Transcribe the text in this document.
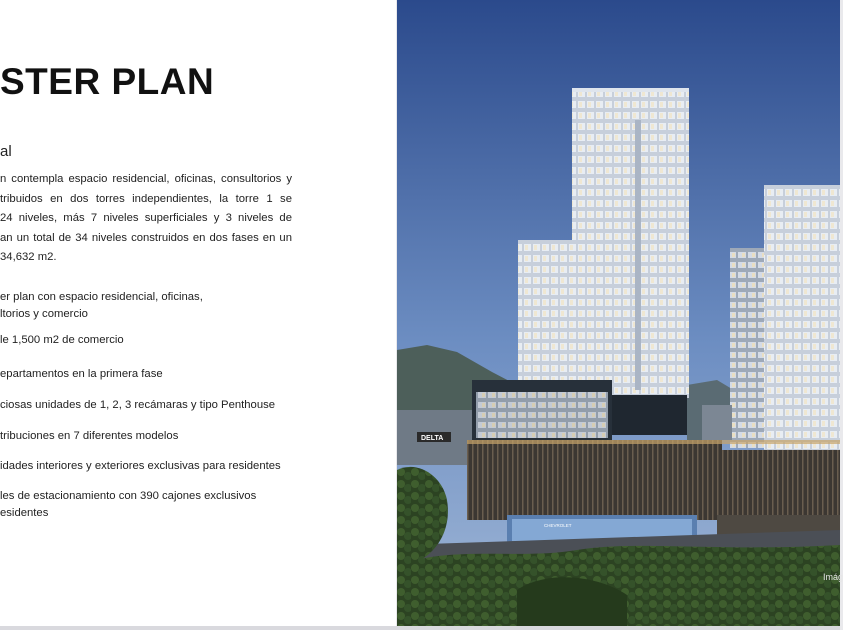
STER PLAN
al
n contempla espacio residencial, oficinas, consultorios y
tribuidos en dos torres independientes, la torre 1 se
24 niveles, más 7 niveles superficiales y 3 niveles de
an un total de 34 niveles construidos en dos fases en un
34,632 m2.
er plan con espacio residencial, oficinas,
ltorios y comercio
le 1,500 m2 de comercio
epartamentos en la primera fase
ciosas unidades de 1, 2, 3 recámaras y tipo Penthouse
tribuciones en 7 diferentes modelos
idades interiores y exteriores exclusivas para residentes
les de estacionamiento con 390 cajones exclusivos
esidentes
CHEVROLET
DELTA
Imág
